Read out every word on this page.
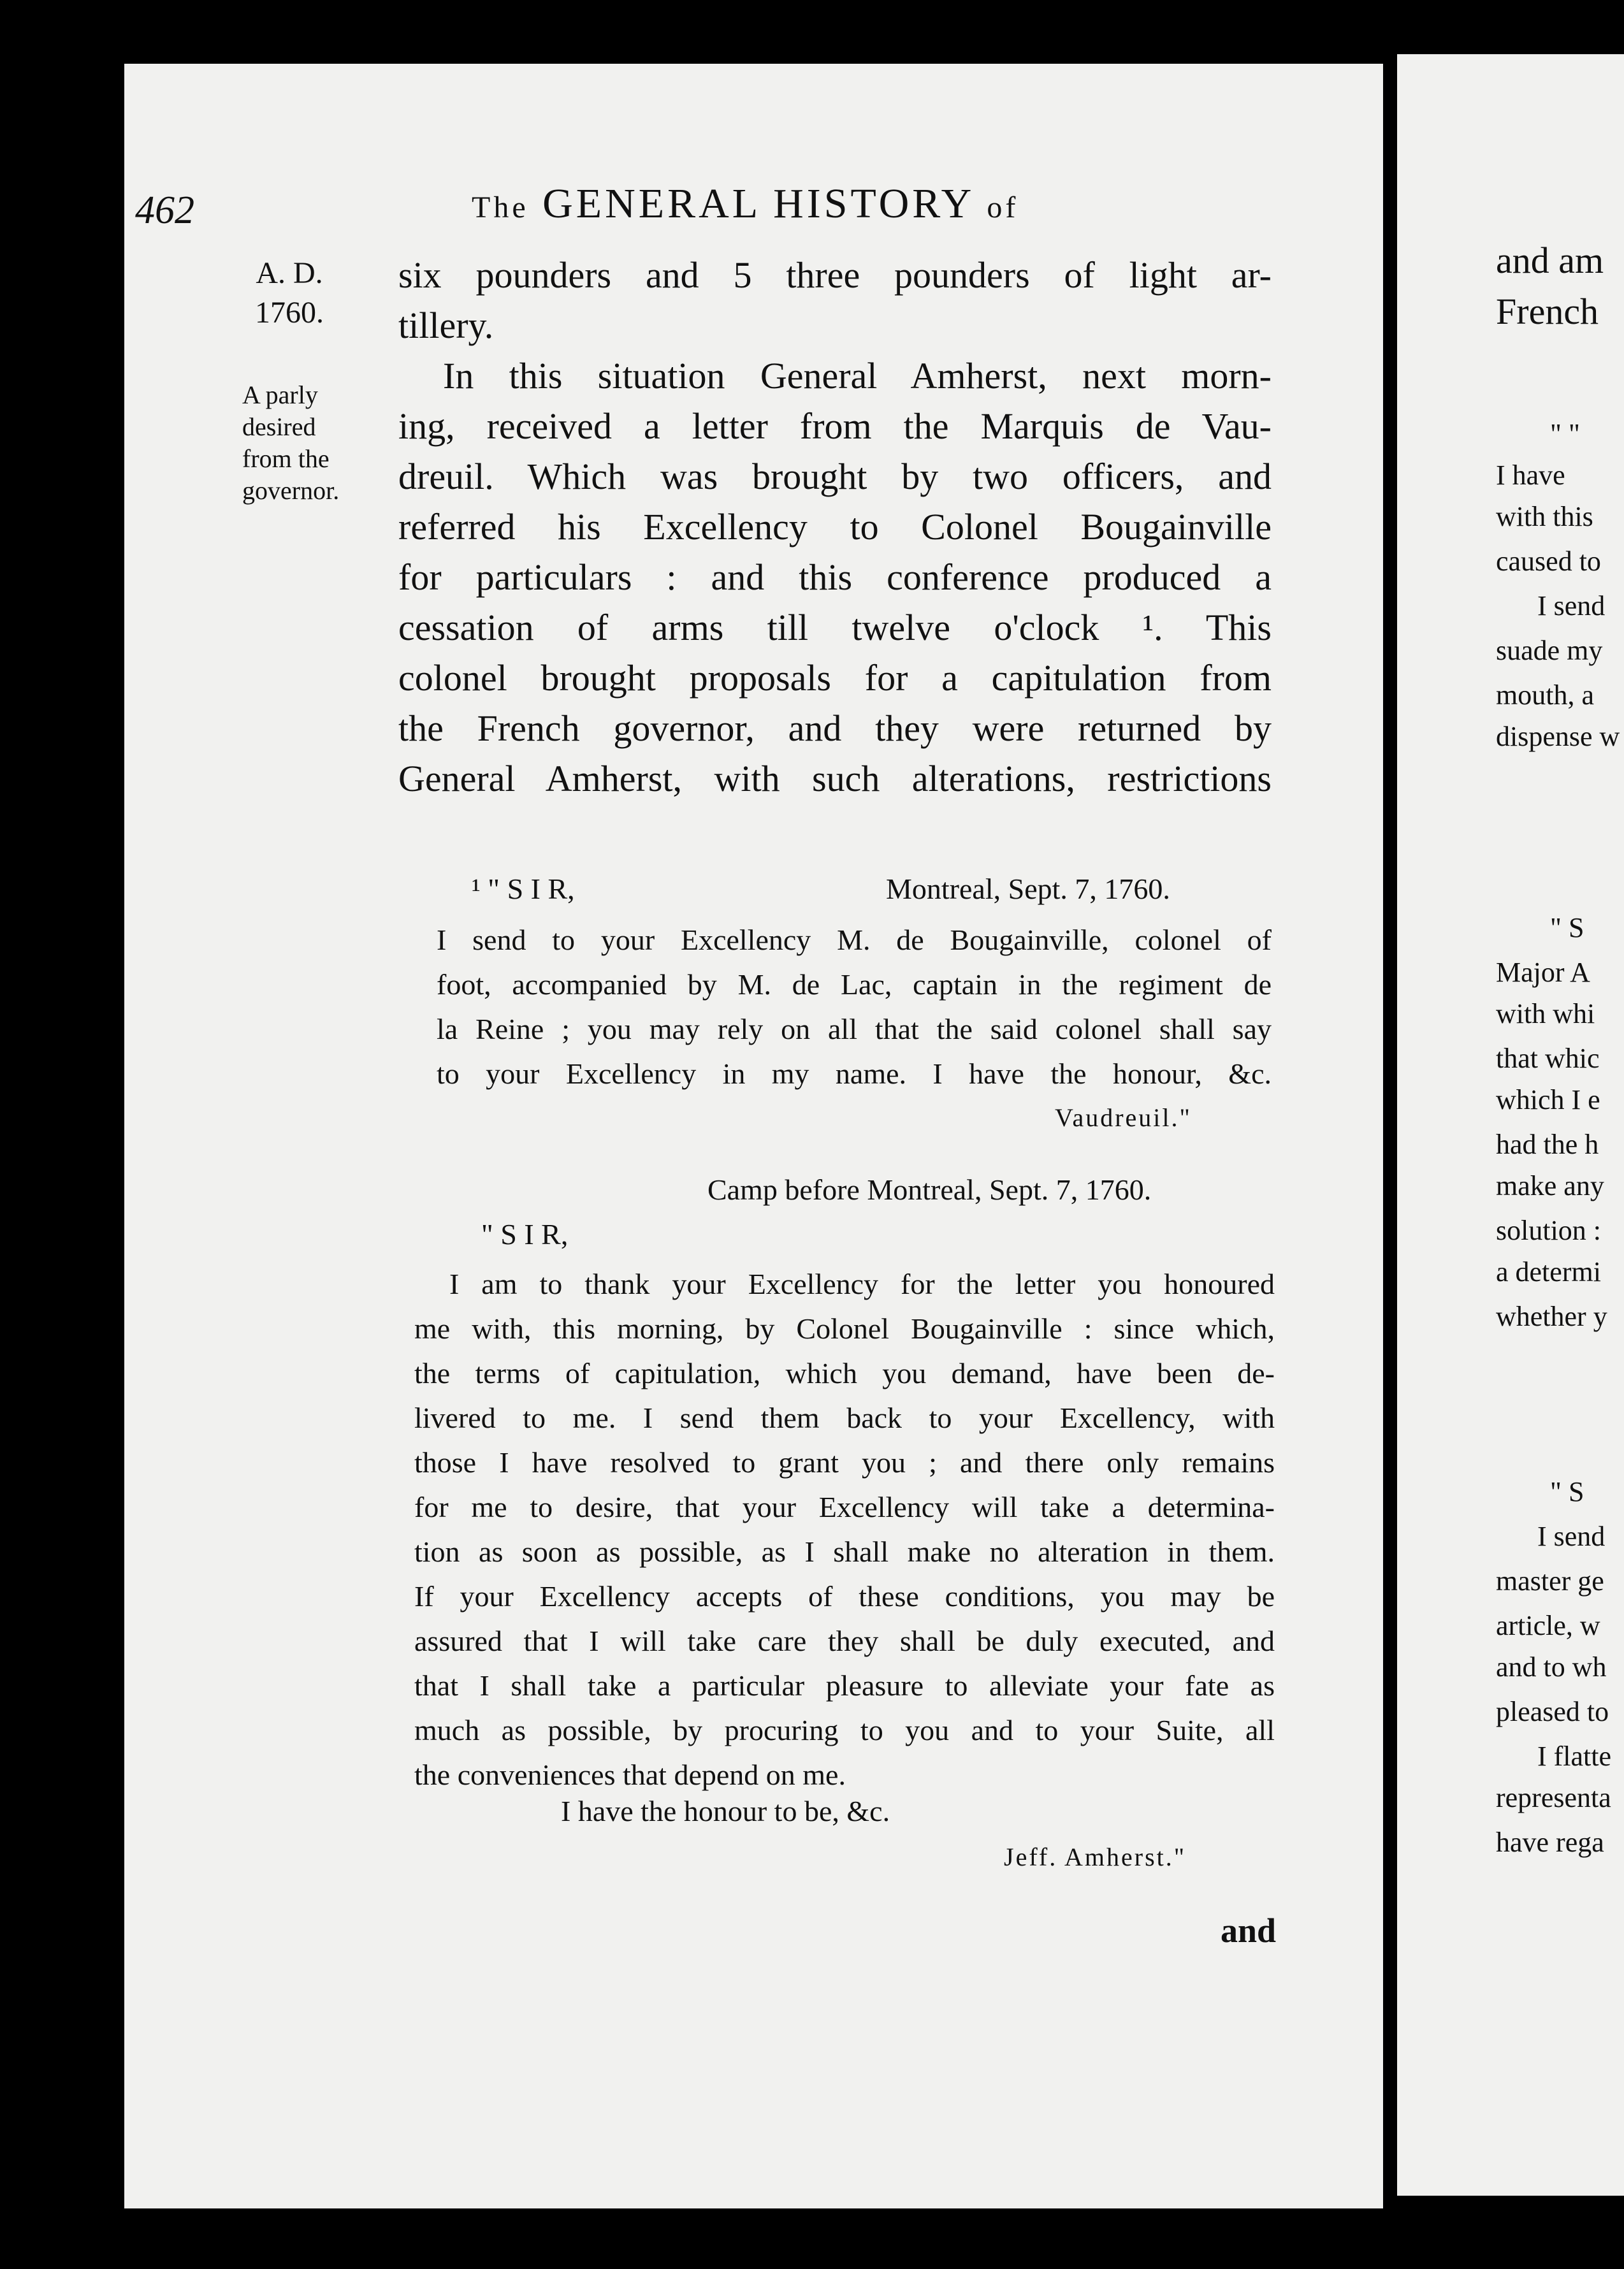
and am
French
" "
I have
with this
caused to
I send
suade my
mouth, a
dispense w
" S
Major A
with whi
that whic
which I e
had the h
make any
solution :
a determi
whether y
" S
I send
master ge
article, w
and to wh
pleased to
I flatte
representa
have rega
462	The GENERAL HISTORY of
A. D.
1760.
A parly
desired
from the
governor.
six pounders and 5 three pounders of light ar-
tillery.
In this situation General Amherst, next morn-
ing, received a letter from the Marquis de Vau-
dreuil. Which was brought by two officers, and
referred his Excellency to Colonel Bougainville
for particulars : and this conference produced a
cessation of arms till twelve o'clock ¹. This
colonel brought proposals for a capitulation from
the French governor, and they were returned by
General Amherst, with such alterations, restrictions
¹ " S I R,	Montreal, Sept. 7, 1760.
I send to your Excellency M. de Bougainville, colonel of
foot, accompanied by M. de Lac, captain in the regiment de
la Reine ; you may rely on all that the said colonel shall say
to your Excellency in my name. I have the honour, &c.
Vaudreuil."
Camp before Montreal, Sept. 7, 1760.
" S I R,
I am to thank your Excellency for the letter you honoured
me with, this morning, by Colonel Bougainville : since which,
the terms of capitulation, which you demand, have been de-
livered to me. I send them back to your Excellency, with
those I have resolved to grant you ; and there only remains
for me to desire, that your Excellency will take a determina-
tion as soon as possible, as I shall make no alteration in them.
If your Excellency accepts of these conditions, you may be
assured that I will take care they shall be duly executed, and
that I shall take a particular pleasure to alleviate your fate as
much as possible, by procuring to you and to your Suite, all
the conveniences that depend on me.
I have the honour to be, &c.
Jeff. Amherst."
and
